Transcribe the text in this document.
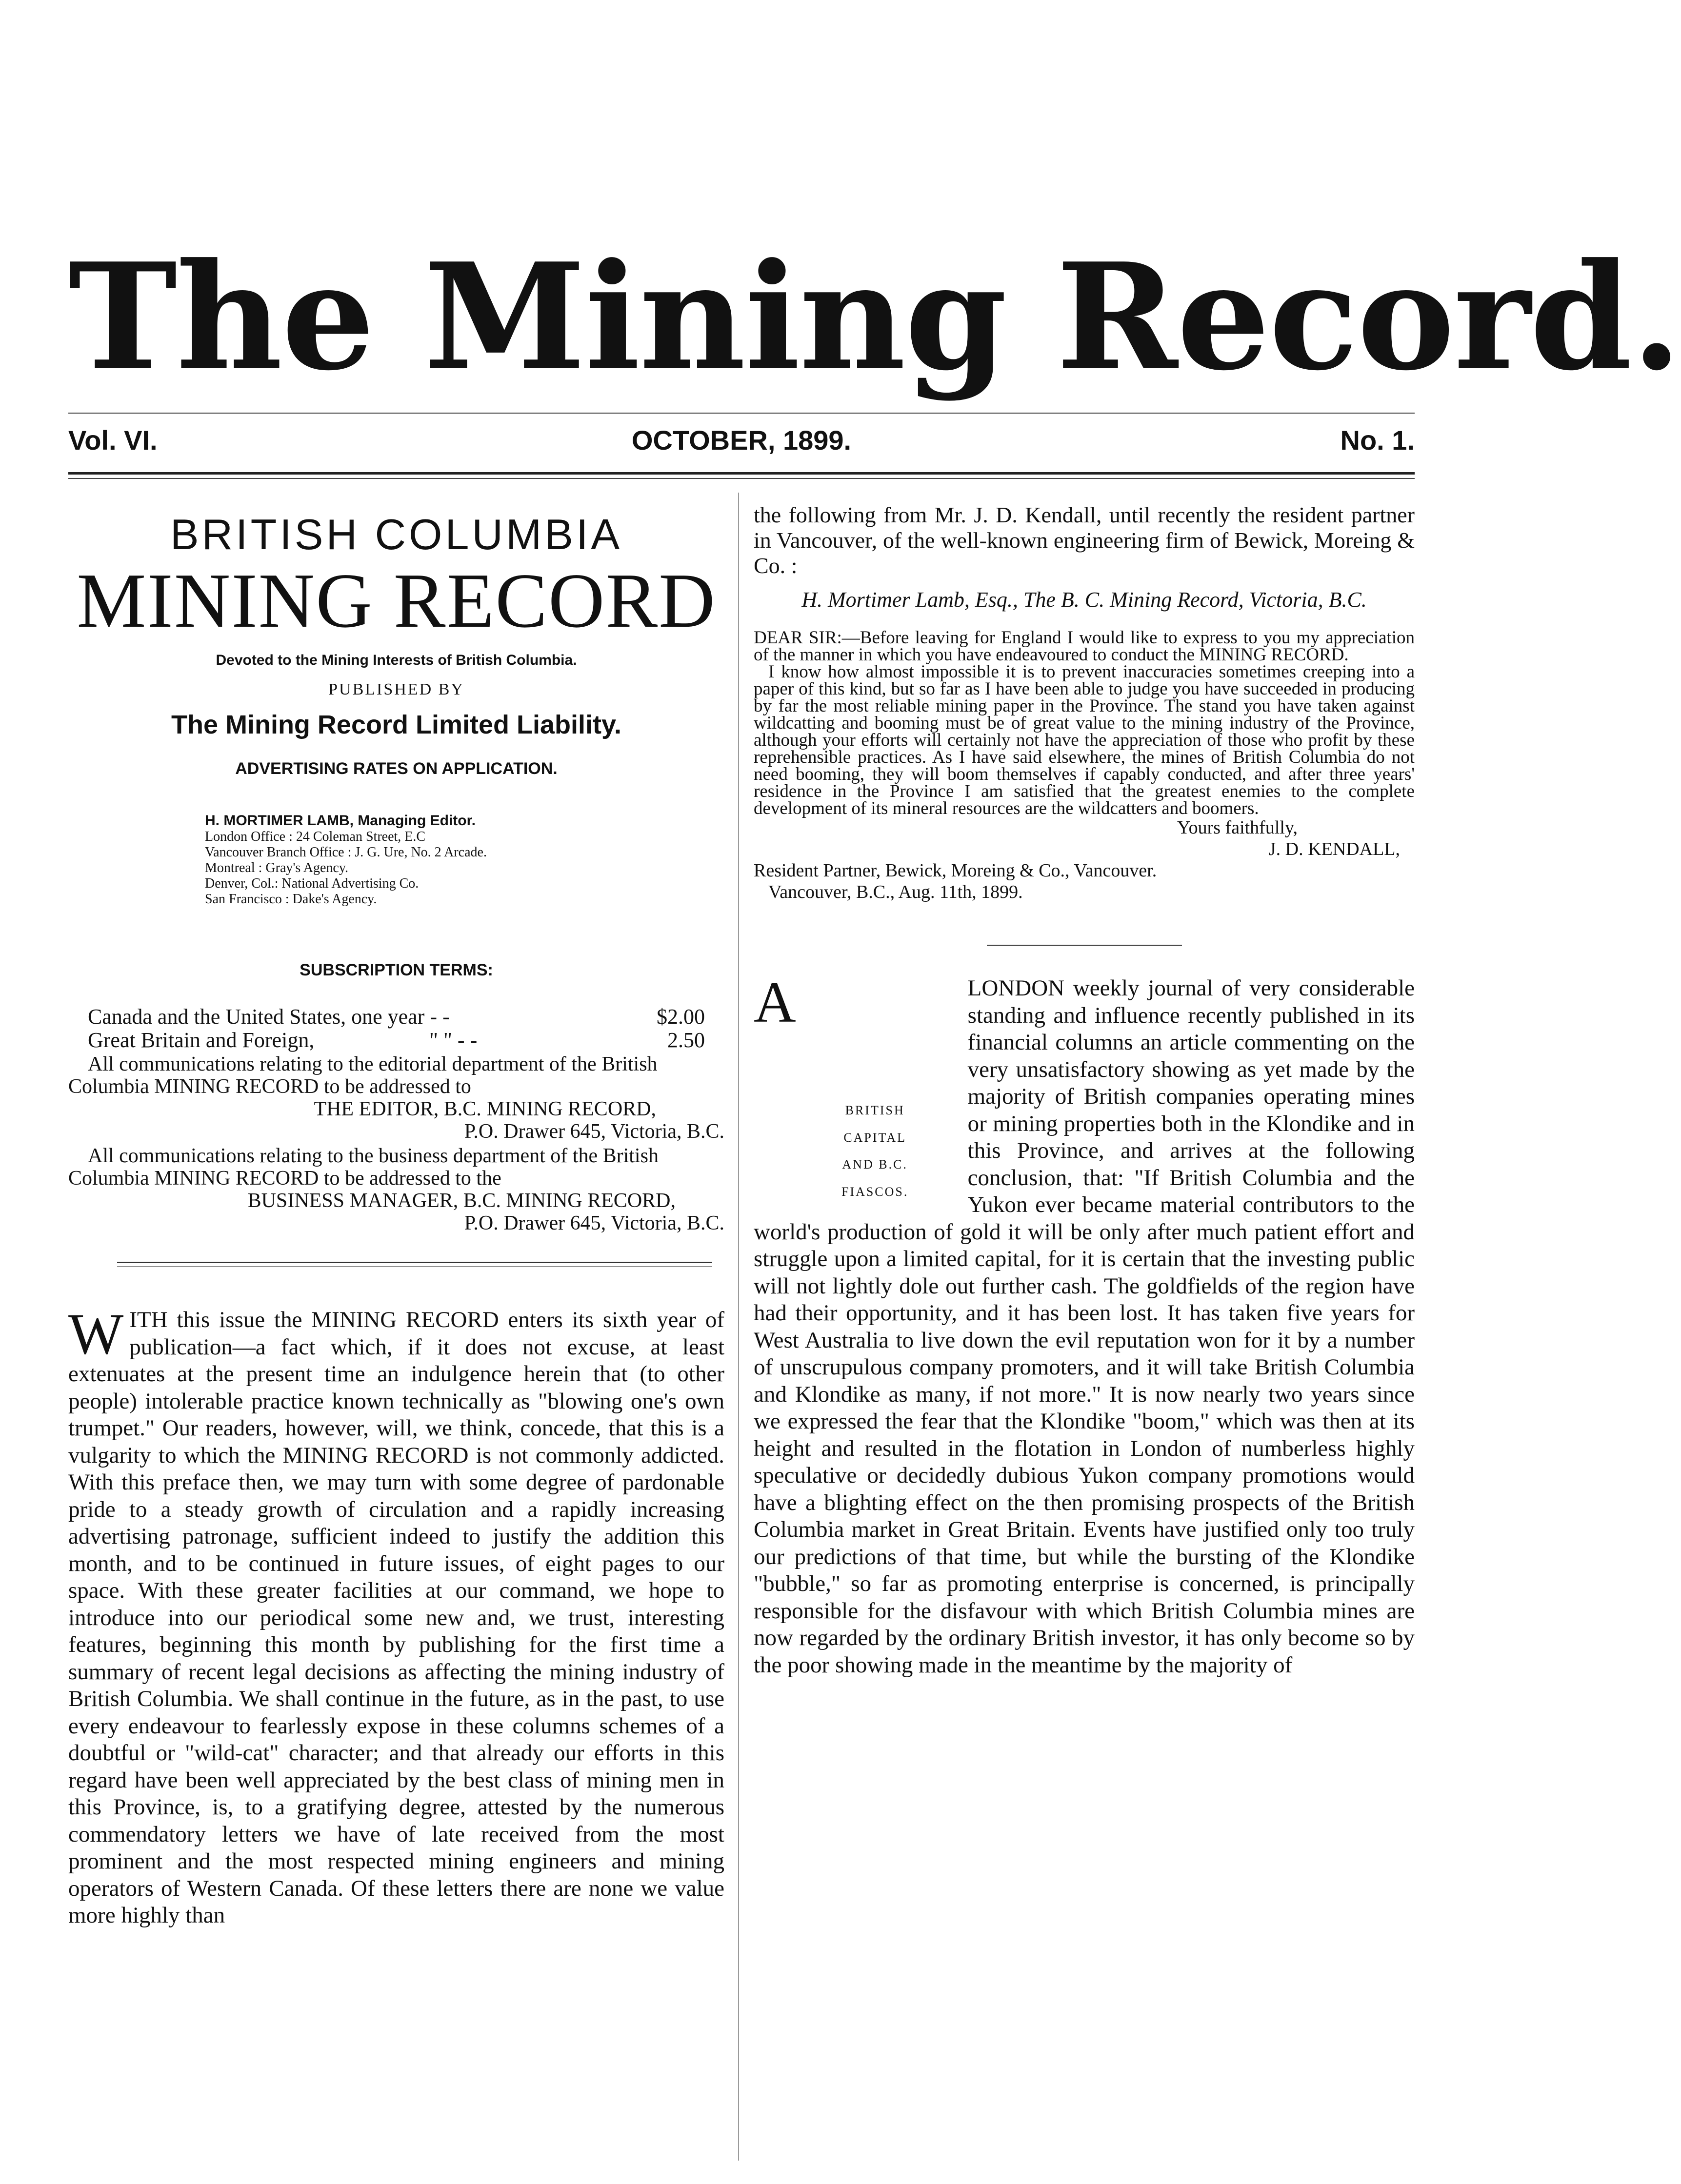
The Mining Record.
OCTOBER, 1899.
Vol. VI.	No. 1.
BRITISH COLUMBIA
MINING RECORD
Devoted to the Mining Interests of British Columbia.
PUBLISHED BY
The Mining Record Limited Liability.
ADVERTISING RATES ON APPLICATION.
H. MORTIMER LAMB, Managing Editor.
London Office : 24 Coleman Street, E.C
Vancouver Branch Office : J. G. Ure, No. 2 Arcade.
Montreal : Gray's Agency.
Denver, Col.: National Advertising Co.
San Francisco : Dake's Agency.
SUBSCRIPTION TERMS:
Canada and the United States, one year - -	$2.00
Great Britain and Foreign,	" " - -	2.50

All communications relating to the editorial department of the British Columbia MINING RECORD to be addressed to

THE EDITOR, B.C. MINING RECORD,

P.O. Drawer 645, Victoria, B.C.

All communications relating to the business department of the British Columbia MINING RECORD to be addressed to the

BUSINESS MANAGER, B.C. MINING RECORD,

P.O. Drawer 645, Victoria, B.C.

W ITH this issue the MINING RECORD enters its sixth year of publication—a fact which, if it does not excuse, at least extenuates at the present time an indulgence herein that (to other people) intolerable practice known technically as "blowing one's own trumpet." Our readers, however, will, we think, concede, that this is a vulgarity to which the MINING RECORD is not commonly addicted. With this preface then, we may turn with some degree of pardonable pride to a steady growth of circulation and a rapidly increasing advertising patronage, sufficient indeed to justify the addition this month, and to be continued in future issues, of eight pages to our space. With these greater facilities at our command, we hope to introduce into our periodical some new and, we trust, interesting features, beginning this month by publishing for the first time a summary of recent legal decisions as affecting the mining industry of British Columbia. We shall continue in the future, as in the past, to use every endeavour to fearlessly expose in these columns schemes of a doubtful or "wild-cat" character; and that already our efforts in this regard have been well appreciated by the best class of mining men in this Province, is, to a gratifying degree, attested by the numerous commendatory letters we have of late received from the most prominent and the most respected mining engineers and mining operators of Western Canada. Of these letters there are none we value more highly than

the following from Mr. J. D. Kendall, until recently the resident partner in Vancouver, of the well-known engineering firm of Bewick, Moreing & Co. :
H. Mortimer Lamb, Esq., The B. C. Mining Record, Victoria, B.C.

DEAR SIR:—Before leaving for England I would like to express to you my appreciation of the manner in which you have endeavoured to conduct the MINING RECORD.

I know how almost impossible it is to prevent inaccuracies sometimes creeping into a paper of this kind, but so far as I have been able to judge you have succeeded in producing by far the most reliable mining paper in the Province. The stand you have taken against wildcatting and booming must be of great value to the mining industry of the Province, although your efforts will certainly not have the appreciation of those who profit by these reprehensible practices. As I have said elsewhere, the mines of British Columbia do not need booming, they will boom themselves if capably conducted, and after three years' residence in the Province I am satisfied that the greatest enemies to the complete development of its mineral resources are the wildcatters and boomers.

Yours faithfully,
J. D. KENDALL,
Resident Partner, Bewick, Moreing & Co., Vancouver.
Vancouver, B.C., Aug. 11th, 1899.
A
BRITISH
CAPITAL
AND B.C.
FIASCOS.

LONDON weekly journal of very considerable standing and influence recently published in its financial columns an article commenting on the very unsatisfactory showing as yet made by the majority of British companies operating mines or mining properties both in the Klondike and in this Province, and arrives at the following conclusion, that: "If British Columbia and the Yukon ever became material contributors to the world's production of gold it will be only after much patient effort and struggle upon a limited capital, for it is certain that the investing public will not lightly dole out further cash. The goldfields of the region have had their opportunity, and it has been lost. It has taken five years for West Australia to live down the evil reputation won for it by a number of unscrupulous company promoters, and it will take British Columbia and Klondike as many, if not more." It is now nearly two years since we expressed the fear that the Klondike "boom," which was then at its height and resulted in the flotation in London of numberless highly speculative or decidedly dubious Yukon company promotions would have a blighting effect on the then promising prospects of the British Columbia market in Great Britain. Events have justified only too truly our predictions of that time, but while the bursting of the Klondike "bubble," so far as promoting enterprise is concerned, is principally responsible for the disfavour with which British Columbia mines are now regarded by the ordinary British investor, it has only become so by the poor showing made in the meantime by the majority of
